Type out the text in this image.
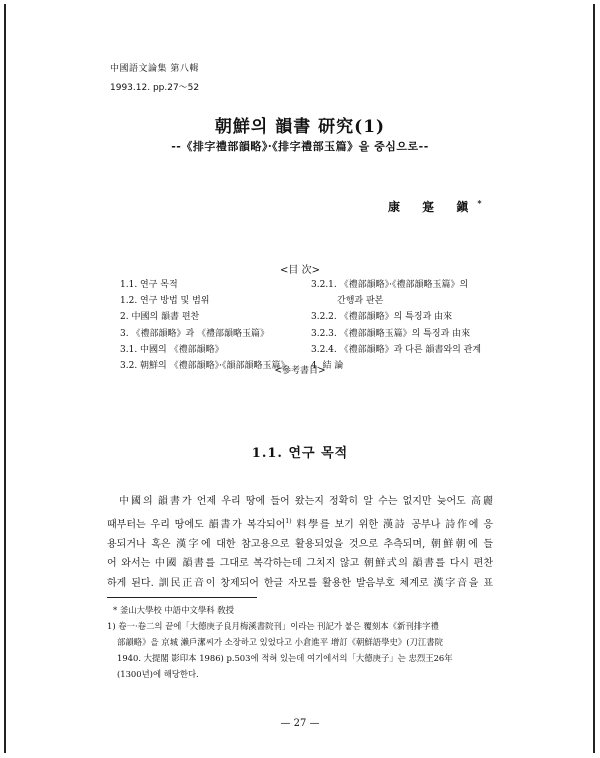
中國語文論集 第八輯
1993.12. pp.27～52
朝鮮의 韻書 研究(1)
--《排字禮部韻略》·《排字禮部玉篇》을 중심으로--
康 寔 鎭*
<目 次>
1.1. 연구 목적
1.2. 연구 방법 및 범위
2. 中國의 韻書 편찬
3. 《禮部韻略》과 《禮部韻略玉篇》
3.1. 中國의 《禮部韻略》
3.2. 朝鮮의 《禮部韻略》·《韻部韻略玉篇》
3.2.1. 《禮部韻略》·《禮部韻略玉篇》의
간행과 판본
3.2.2. 《禮部韻略》의 특징과 由來
3.2.3. 《禮部韻略玉篇》의 특징과 由來
3.2.4. 《禮部韻略》과 다른 韻書와의 관계
4. 結 論
<參考書目>
1.1. 연구 목적
中國의 韻書가 언제 우리 땅에 들어 왔는지 정확히 알 수는 없지만 늦어도 高麗
때부터는 우리 땅에도 韻書가 복각되어$^{1)}$ 料學를 보기 위한 漢詩 공부나 詩作에 응
용되거나 혹은 漢字에 대한 참고용으로 활용되었을 것으로 추측되며, 朝鮮朝에 들
어 와서는 中國 韻書를 그대로 복각하는데 그치지 않고 朝鮮式의 韻書를 다시 편찬
하게 된다. 訓民正音이 창제되어 한글 자모를 활용한 발음부호 체계로 漢字音을 표
* 釜山大學校 中語中文學科 敎授
1) 卷一·卷二의 끝에「大德庚子良月梅溪書院刊」이라는 刊記가 붙은 覆刻本《新刊排字禮
部韻略》을 京城 瀨戶潔씨가 소장하고 있었다고 小倉進平 增訂《朝鮮語學史》(刀江書院
1940. 大提閣 影印本 1986) p.503에 적혀 있는데 여기에서의「大德庚子」는 忠烈王26年
(1300년)에 해당한다.
— 27 —
